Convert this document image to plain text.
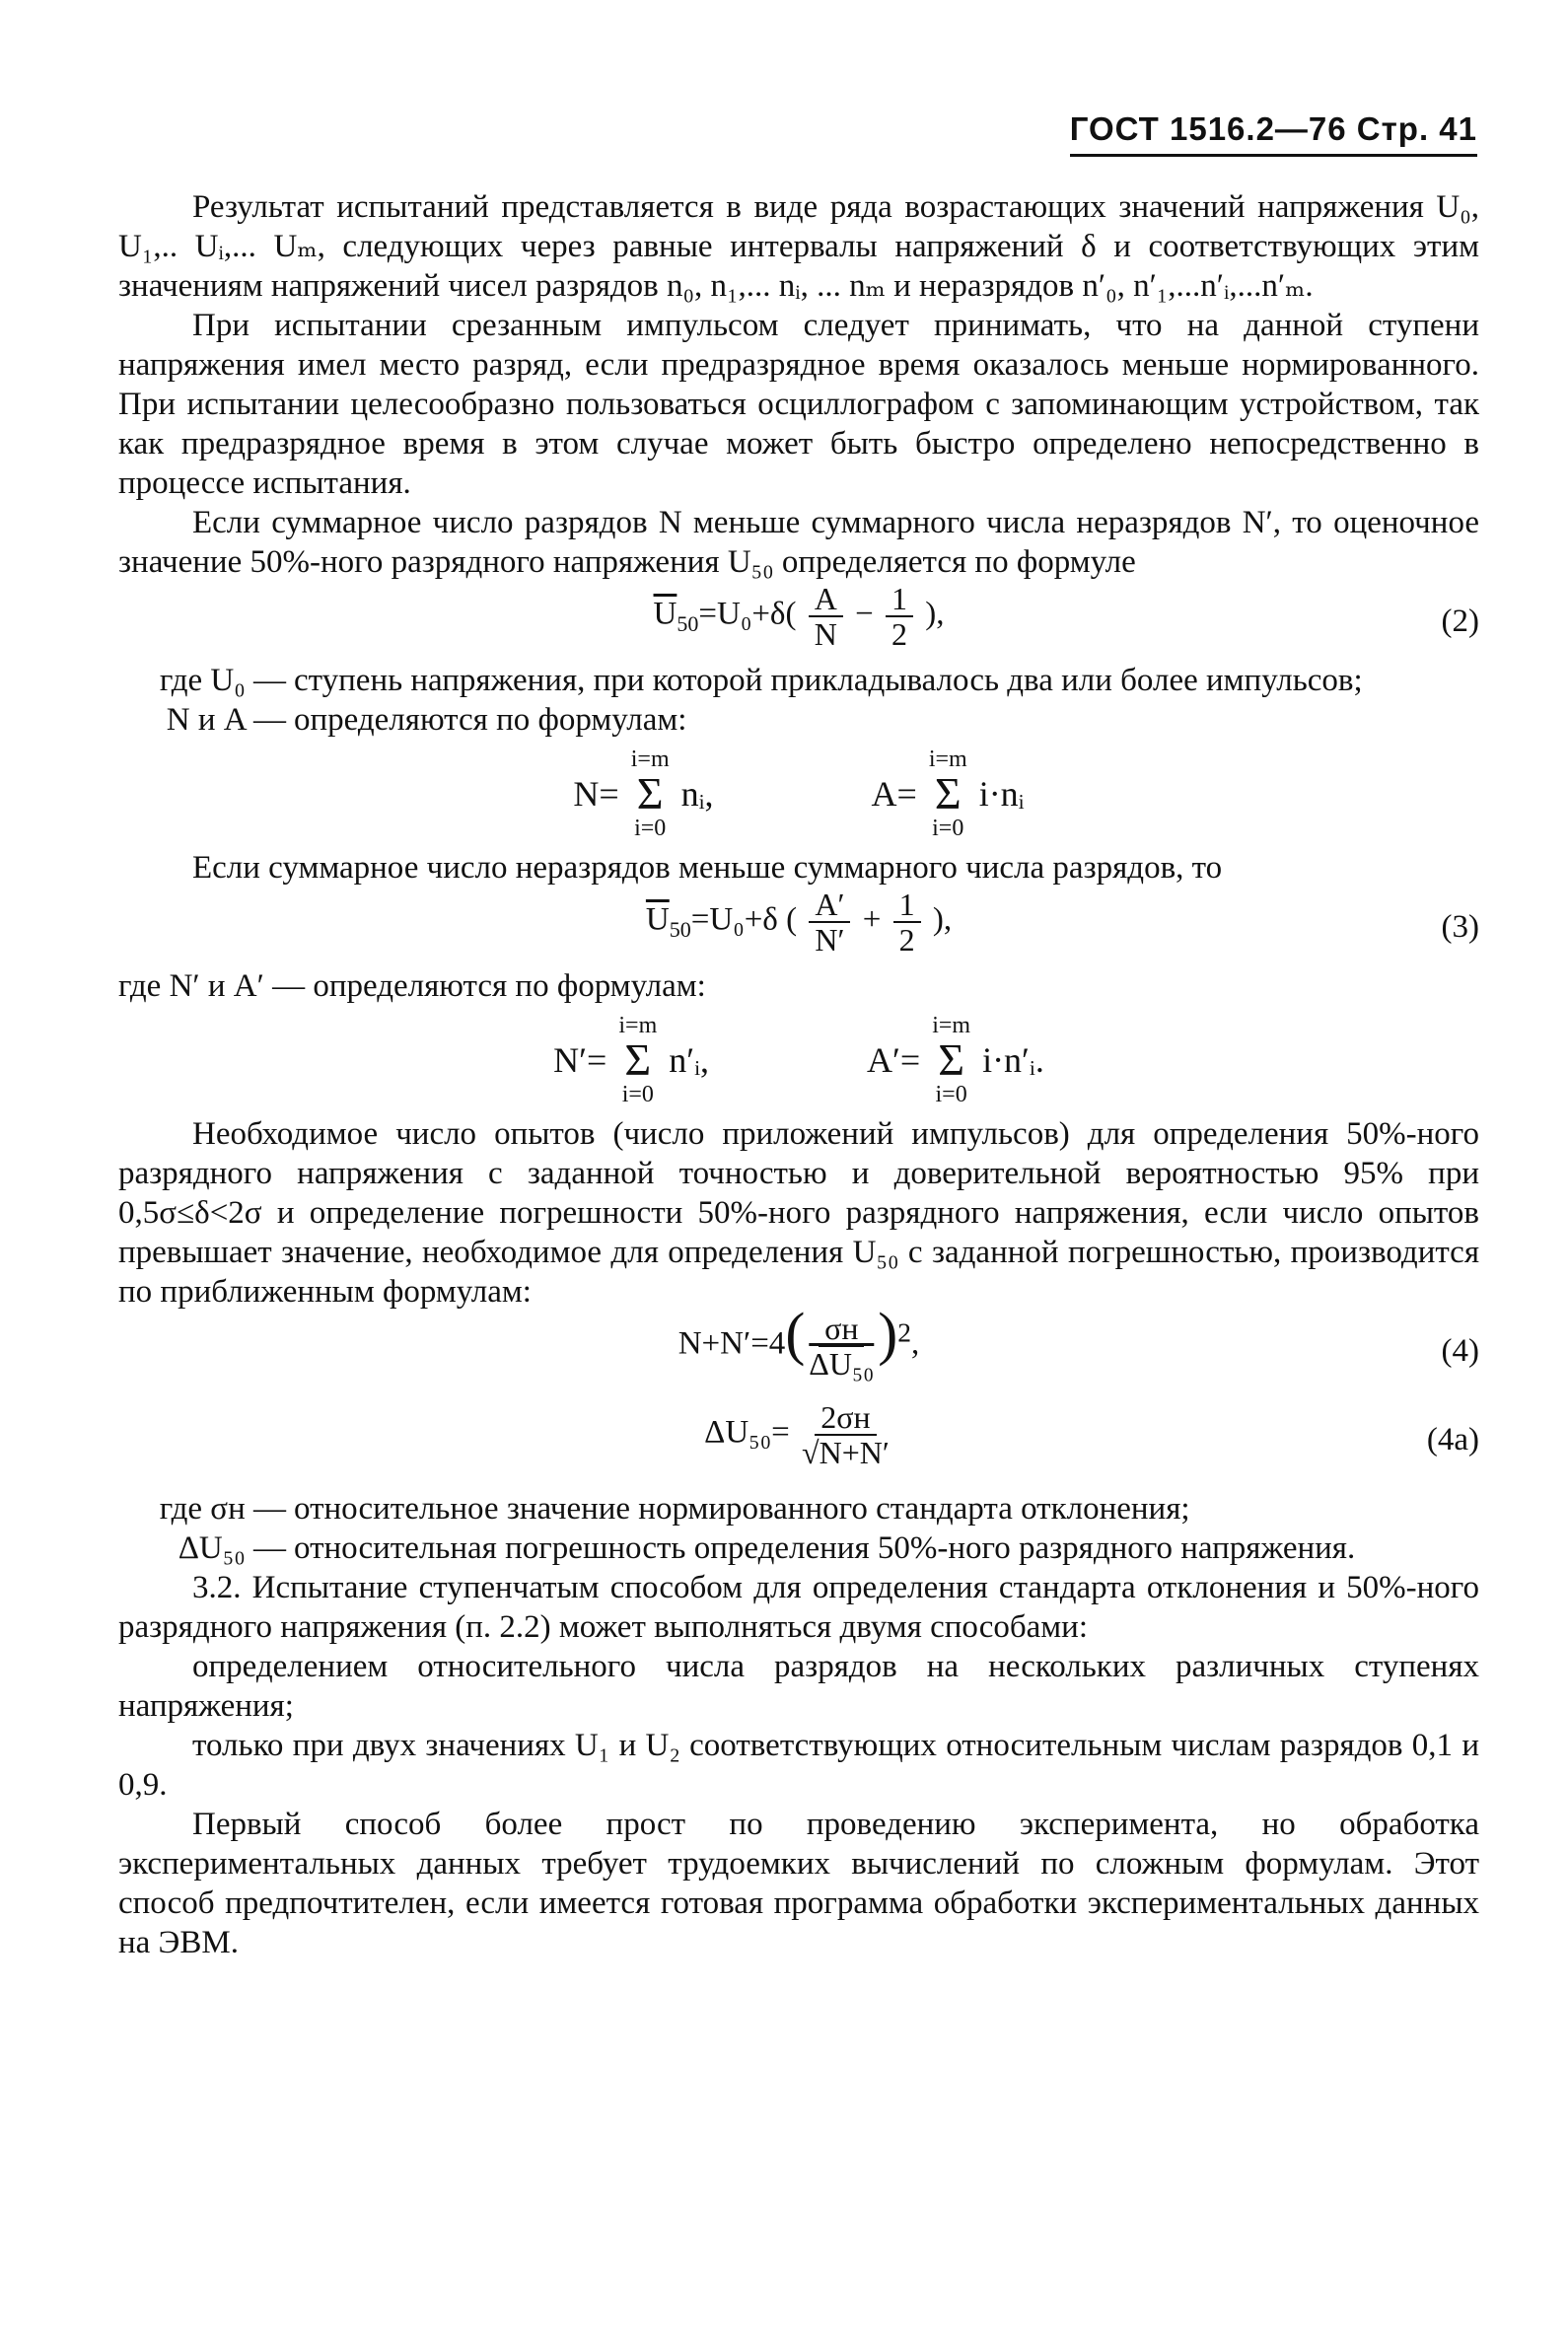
ГОСТ 1516.2—76 Стр. 41

Результат испытаний представляется в виде ряда возрастающих значений напряжения U₀, U₁,.. Uᵢ,... Uₘ, следующих через равные интервалы напряжений δ и соответствующих этим значениям напряжений чисел разрядов n₀, n₁,... nᵢ, ... nₘ и неразрядов n′₀, n′₁,...n′ᵢ,...n′ₘ.

При испытании срезанным импульсом следует принимать, что на данной ступени напряжения имел место разряд, если предразрядное время оказалось меньше нормированного. При испытании целесообразно пользоваться осциллографом с запоминающим устройством, так как предразрядное время в этом случае может быть быстро определено непосредственно в процессе испытания.

Если суммарное число разрядов N меньше суммарного числа неразрядов N′, то оценочное значение 50%-ного разрядного напряжения U₅₀ определяется по формуле

$\overline{U}_{50}=U_0+\delta( \frac{A}{N} - \frac{1}{2}$ ),	(2)
где U₀ — ступень напряжения, при которой прикладывалось два или более импульсов;
N и A — определяются по формулам:
N=
i=m
Σ
i=0
nᵢ,	A=
i=m
Σ
i=0
i·nᵢ

Если суммарное число неразрядов меньше суммарного числа разрядов, то

$\overline{U}_{50}=U_0+\delta$ ( $\frac{A'}{N'} + \frac{1}{2}$ ),	(3)

где N′ и A′ — определяются по формулам:

N′=
i=m
Σ
i=0
n′ᵢ,	A′=
i=m
Σ
i=0
i·n′ᵢ.

Необходимое число опытов (число приложений импульсов) для определения 50%-ного разрядного напряжения с заданной точностью и доверительной вероятностью 95% при 0,5σ≤δ<2σ и определение погрешности 50%-ного разрядного напряжения, если число опытов превышает значение, необходимое для определения U₅₀ с заданной погрешностью, производится по приближенным формулам:

$N+N'=4( \frac{\sigma н}{\text{ΔU₅₀}} )^2$,	(4)
$\Delta U_{50}= \frac{2\sigma н}{√N+N'}$	(4а)
где σн — относительное значение нормированного стандарта отклонения;
ΔU₅₀ — относительная погрешность определения 50%-ного разрядного напряжения.

3.2. Испытание ступенчатым способом для определения стандарта отклонения и 50%-ного разрядного напряжения (п. 2.2) может выполняться двумя способами:

определением относительного числа разрядов на нескольких различных ступенях напряжения;

только при двух значениях U₁ и U₂ соответствующих относительным числам разрядов 0,1 и 0,9.

Первый способ более прост по проведению эксперимента, но обработка экспериментальных данных требует трудоемких вычислений по сложным формулам. Этот способ предпочтителен, если имеется готовая программа обработки экспериментальных данных на ЭВМ.
